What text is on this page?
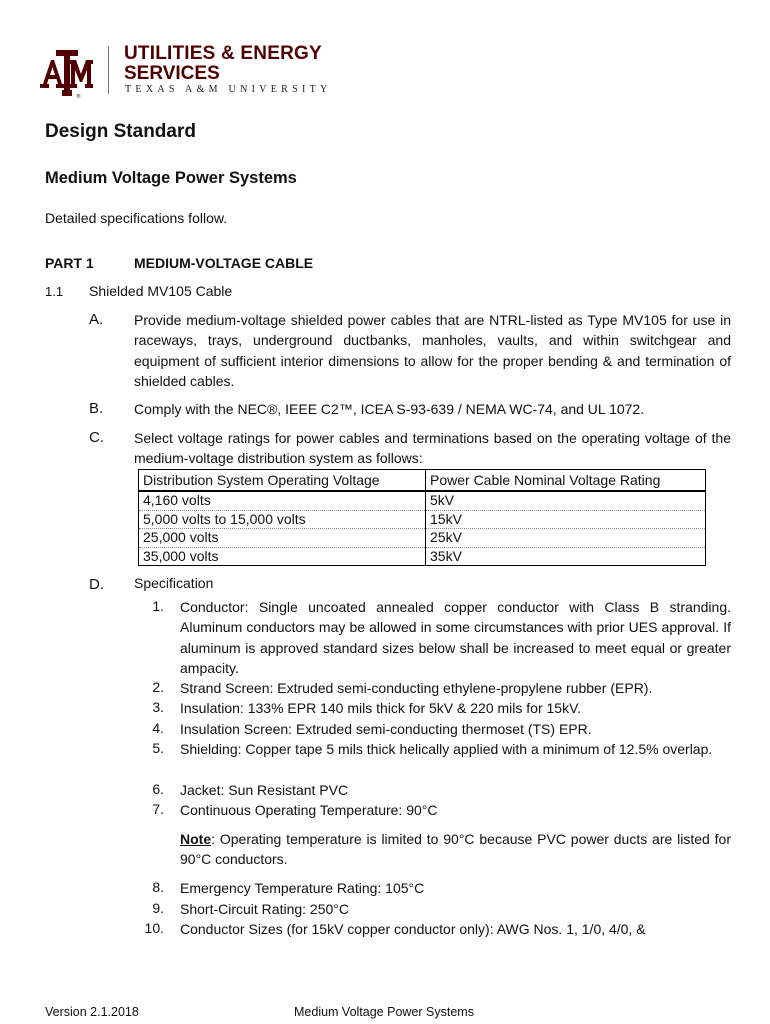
®
UTILITIES & ENERGY
SERVICES
TEXAS A&M UNIVERSITY
Design Standard
Medium Voltage Power Systems
Detailed specifications follow.
PART 1	MEDIUM-VOLTAGE CABLE
1.1 Shielded MV105 Cable
A. Provide medium-voltage shielded power cables that are NTRL-listed as Type MV105 for use in raceways, trays, underground ductbanks, manholes, vaults, and within switchgear and equipment of sufficient interior dimensions to allow for the proper bending & and termination of shielded cables.
B. Comply with the NEC®, IEEE C2™, ICEA S-93-639 / NEMA WC-74, and UL 1072.
C. Select voltage ratings for power cables and terminations based on the operating voltage of the medium-voltage distribution system as follows:
Distribution System Operating Voltage	Power Cable Nominal Voltage Rating
4,160 volts	5kV
5,000 volts to 15,000 volts	15kV
25,000 volts	25kV
35,000 volts	35kV
D. Specification
1. Conductor: Single uncoated annealed copper conductor with Class B stranding. Aluminum conductors may be allowed in some circumstances with prior UES approval. If aluminum is approved standard sizes below shall be increased to meet equal or greater ampacity.
2. Strand Screen: Extruded semi-conducting ethylene-propylene rubber (EPR).
3. Insulation: 133% EPR 140 mils thick for 5kV & 220 mils for 15kV.
4. Insulation Screen: Extruded semi-conducting thermoset (TS) EPR.
5. Shielding: Copper tape 5 mils thick helically applied with a minimum of 12.5% overlap.
6. Jacket: Sun Resistant PVC
7. Continuous Operating Temperature: 90°C
Note: Operating temperature is limited to 90°C because PVC power ducts are listed for 90°C conductors.
8. Emergency Temperature Rating: 105°C
9. Short-Circuit Rating: 250°C
10. Conductor Sizes (for 15kV copper conductor only): AWG Nos. 1, 1/0, 4/0, &
Version 2.1.2018	Medium Voltage Power Systems
